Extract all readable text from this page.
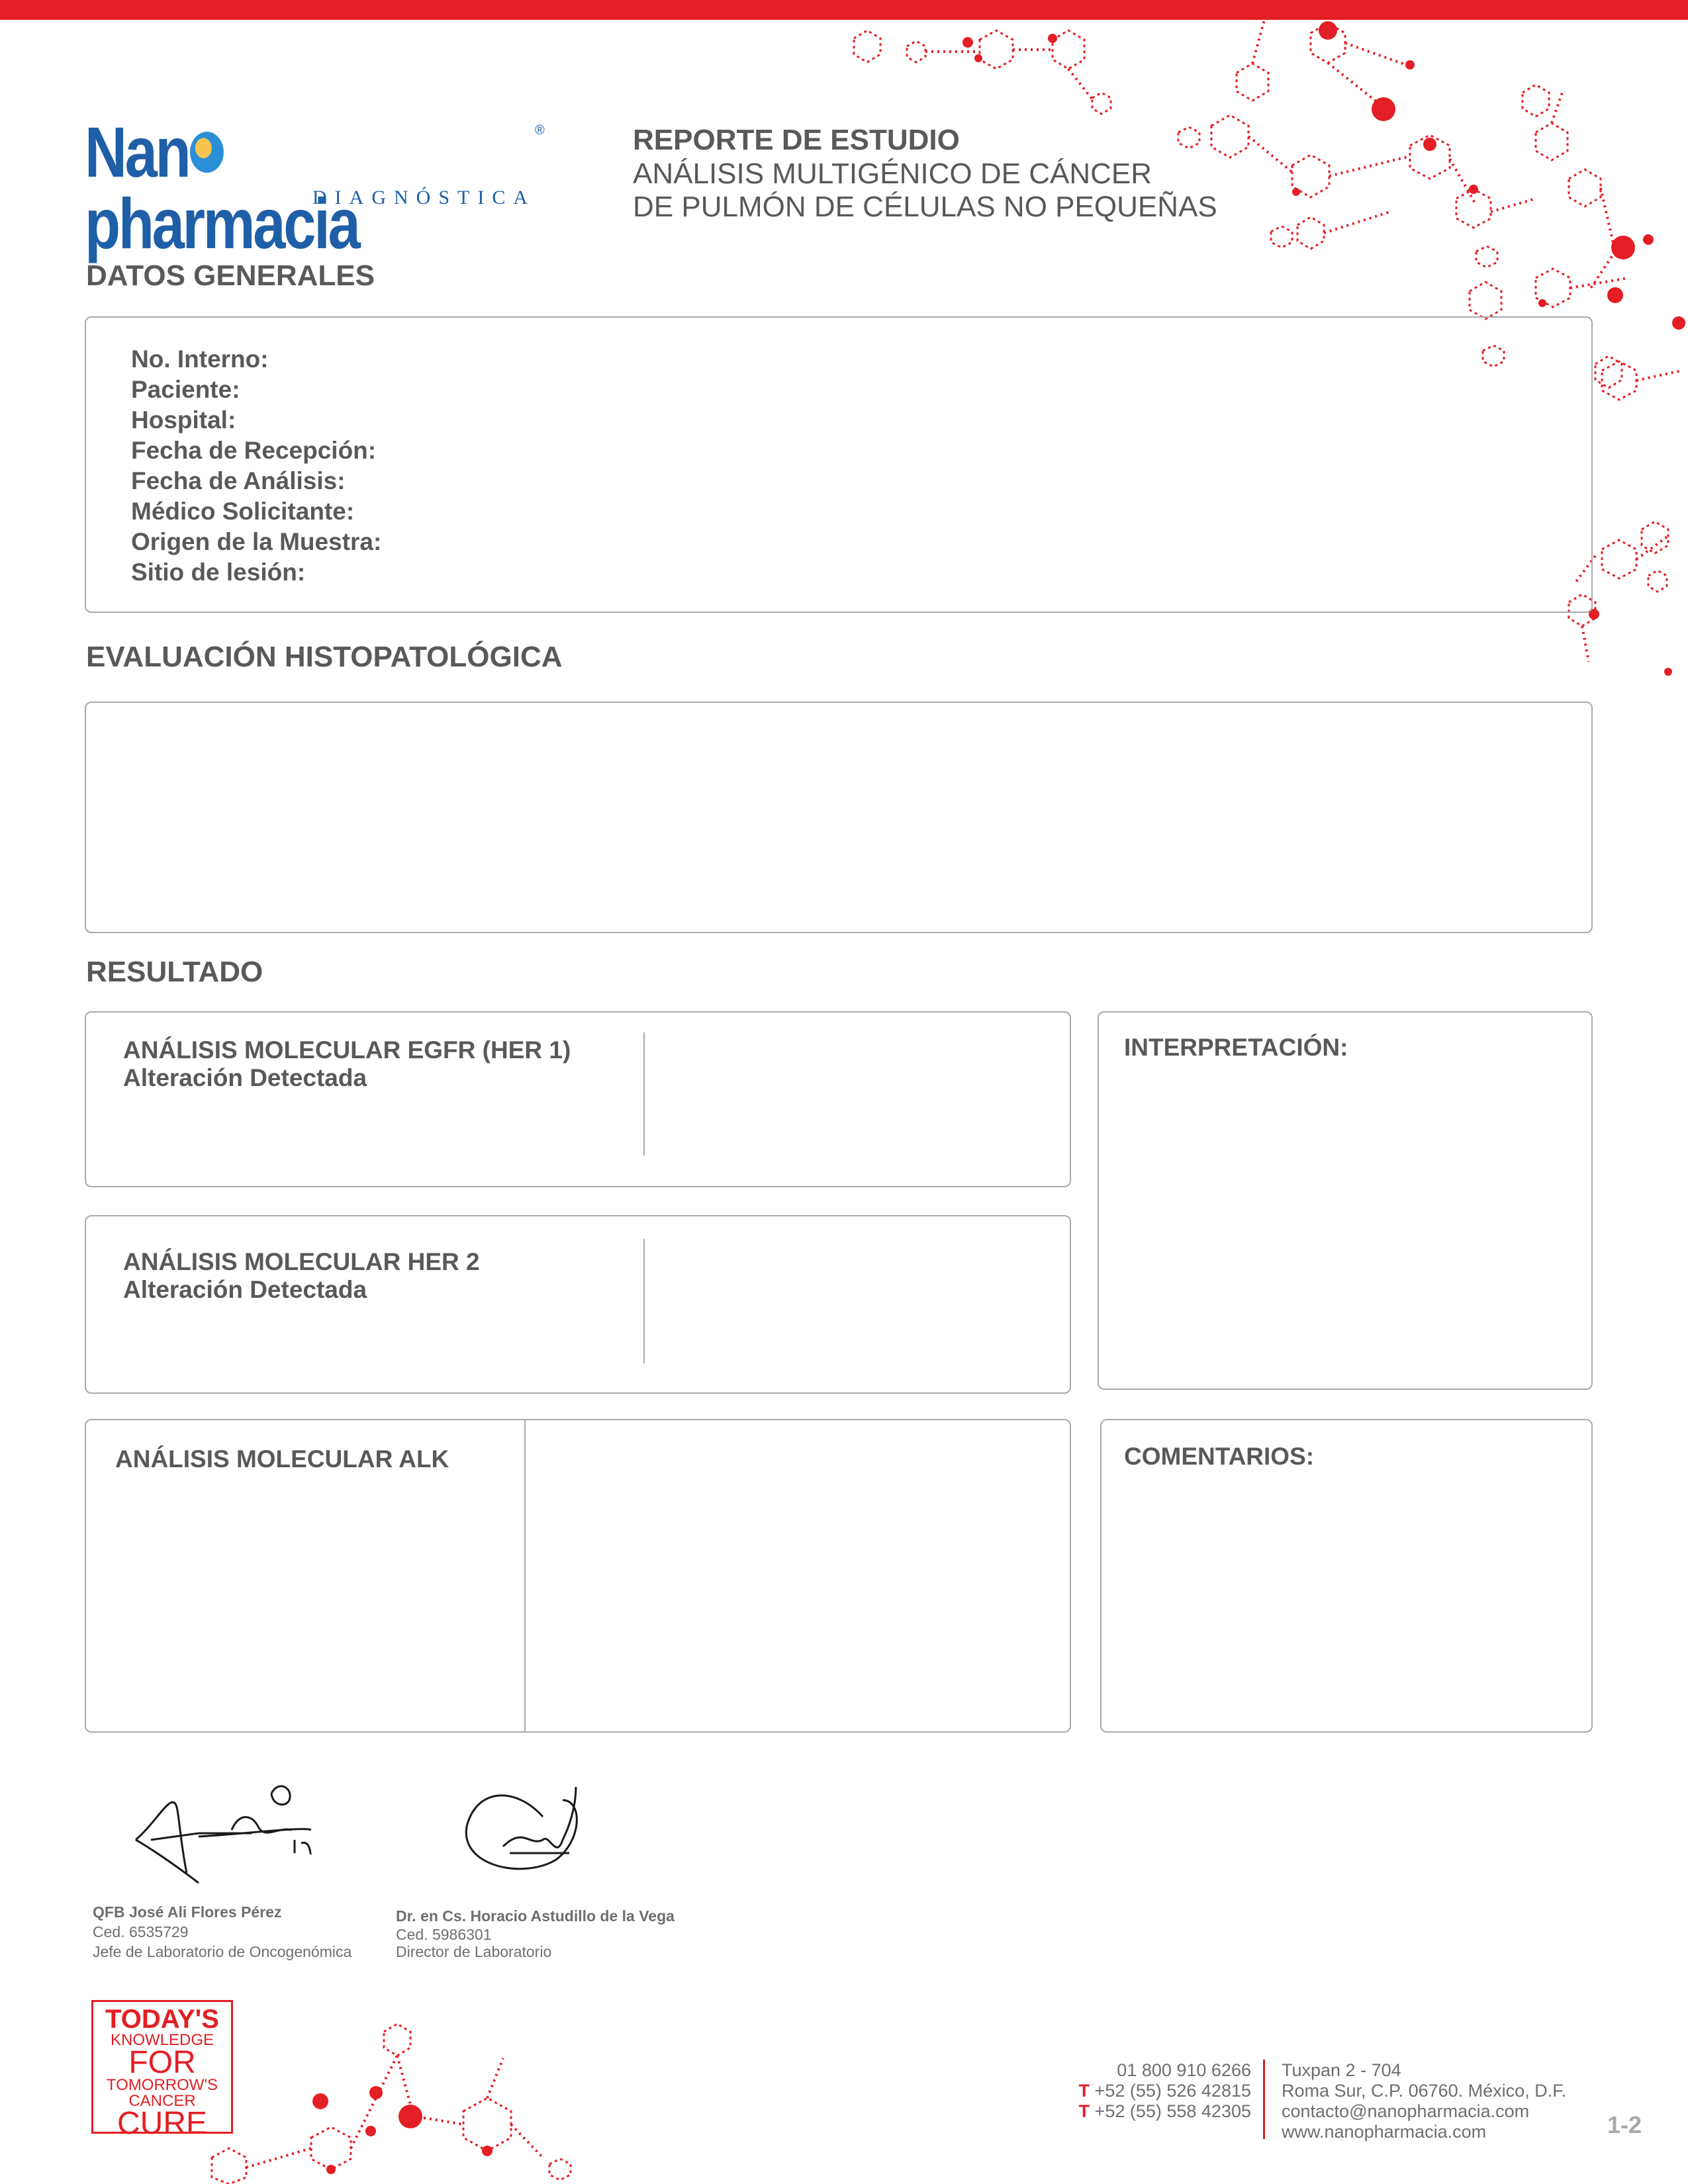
Nanpharmacia
®
DIAGNÓSTICA
REPORTE DE ESTUDIO
ANÁLISIS MULTIGÉNICO DE CÁNCER
DE PULMÓN DE CÉLULAS NO PEQUEÑAS
DATOS GENERALES
No. Interno:
Paciente:
Hospital:
Fecha de Recepción:
Fecha de Análisis:
Médico Solicitante:
Origen de la Muestra:
Sitio de lesión:
EVALUACIÓN HISTOPATOLÓGICA
RESULTADO
ANÁLISIS MOLECULAR EGFR (HER 1)
Alteración Detectada
ANÁLISIS MOLECULAR HER 2
Alteración Detectada
INTERPRETACIÓN:
ANÁLISIS MOLECULAR ALK	COMENTARIOS:
QFB José Ali Flores Pérez
Ced. 6535729
Jefe de Laboratorio de Oncogenómica
Dr. en Cs. Horacio Astudillo de la Vega
Ced. 5986301
Director de Laboratorio
TODAY'S
KNOWLEDGE
FOR
TOMORROW'S
CANCER
CURE
01 800 910 6266
T +52 (55) 526 42815
T +52 (55) 558 42305
Tuxpan 2 - 704
Roma Sur, C.P. 06760. México, D.F.
contacto@nanopharmacia.com
www.nanopharmacia.com	1-2
